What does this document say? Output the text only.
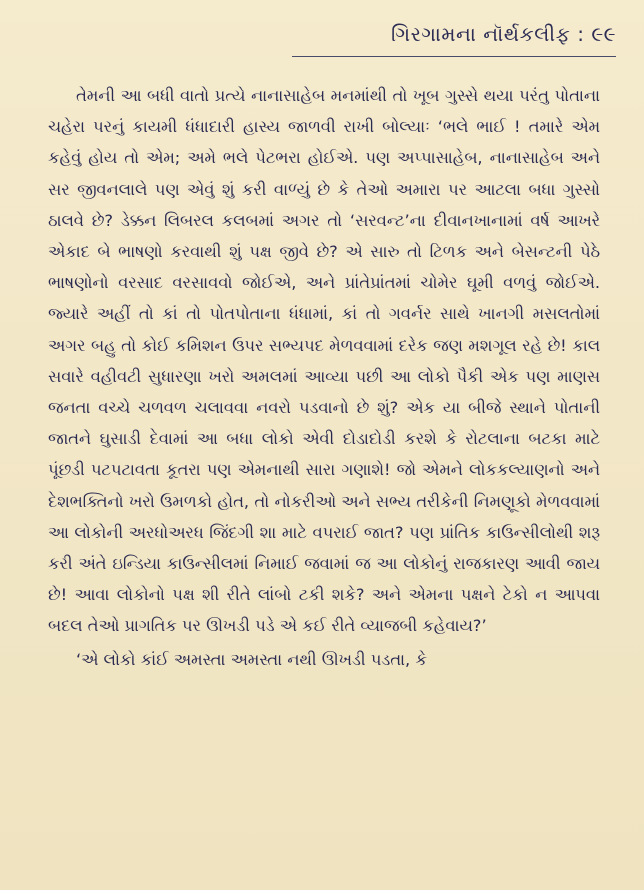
ગિરગામના નૉર્થકલીફ : ૯૯

તેમની આ બધી વાતો પ્રત્યે નાનાસાહેબ મનમાંથી તો ખૂબ ગુસ્સે થયા પરંતુ પોતાના ચહેરા પરનું કાયમી ધંધાદારી હાસ્ય જાળવી રાખી બોલ્યાઃ ‘ભલે ભાઈ ! તમારે એમ કહેવું હોય તો એમ; અમે ભલે પેટભરા હોઈએ. પણ અપ્પાસાહેબ, નાનાસાહેબ અને સર જીવનલાલે પણ એવું શું કરી વાળ્યું છે કે તેઓ અમારા પર આટલા બધા ગુસ્સો ઠાલવે છે? ડેક્કન લિબરલ કલબમાં અગર તો ‘સરવન્ટ’ના દીવાનખાનામાં વર્ષ આખરે એકાદ બે ભાષણો કરવાથી શું પક્ષ જીવે છે? એ સારુ તો ટિળક અને બેસન્ટની પેઠે ભાષણોનો વરસાદ વરસાવવો જોઈએ, અને પ્રાંતેપ્રાંતમાં ચોમેર ઘૂમી વળવું જોઈએ. જ્યારે અહીં તો કાં તો પોતપોતાના ધંધામાં, કાં તો ગવર્નર સાથે ખાનગી મસલતોમાં અગર બહુ તો કોઈ કમિશન ઉપર સભ્યપદ મેળવવામાં દરેક જણ મશગૂલ રહે છે! કાલ સવારે વહીવટી સુધારણા ખરો અમલમાં આવ્યા પછી આ લોકો પૈકી એક પણ માણસ જનતા વચ્ચે ચળવળ ચલાવવા નવરો પડવાનો છે શું? એક યા બીજે સ્થાને પોતાની જાતને ઘુસાડી દેવામાં આ બધા લોકો એવી દોડાદોડી કરશે કે રોટલાના બટકા માટે પૂંછડી પટપટાવતા કૂતરા પણ એમનાથી સારા ગણાશે! જો એમને લોકકલ્યાણનો અને દેશભક્તિનો ખરો ઉમળકો હોત, તો નોકરીઓ અને સભ્ય તરીકેની નિમણૂકો મેળવવામાં આ લોકોની અરધોઅરધ જિંદગી શા માટે વપરાઈ જાત? પણ પ્રાંતિક કાઉન્સીલોથી શરૂ કરી અંતે ઇન્ડિયા કાઉન્સીલમાં નિમાઈ જવામાં જ આ લોકોનું રાજકારણ આવી જાય છે! આવા લોકોનો પક્ષ શી રીતે લાંબો ટકી શકે? અને એમના પક્ષને ટેકો ન આપવા બદલ તેઓ પ્રાગતિક પર ઊખડી પડે એ કઈ રીતે વ્યાજબી કહેવાય?’

‘એ લોકો કાંઈ અમસ્તા અમસ્તા નથી ઊખડી પડતા, કે
